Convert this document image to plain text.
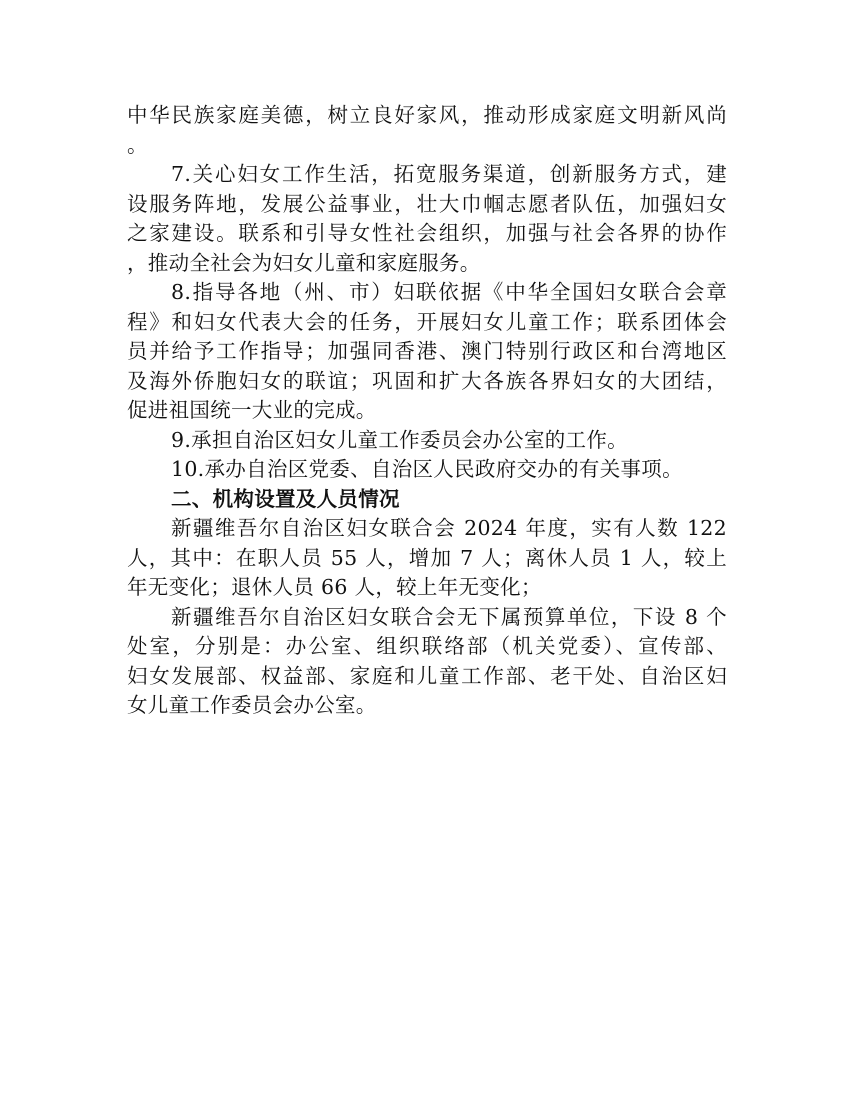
中华民族家庭美德，树立良好家风，推动形成家庭文明新风尚
。
7.关心妇女工作生活，拓宽服务渠道，创新服务方式，建
设服务阵地，发展公益事业，壮大巾帼志愿者队伍，加强妇女
之家建设。联系和引导女性社会组织，加强与社会各界的协作
，推动全社会为妇女儿童和家庭服务。
8.指导各地（州、市）妇联依据《中华全国妇女联合会章
程》和妇女代表大会的任务，开展妇女儿童工作；联系团体会
员并给予工作指导；加强同香港、澳门特别行政区和台湾地区
及海外侨胞妇女的联谊；巩固和扩大各族各界妇女的大团结，
促进祖国统一大业的完成。
9.承担自治区妇女儿童工作委员会办公室的工作。
10.承办自治区党委、自治区人民政府交办的有关事项。
二、机构设置及人员情况
新疆维吾尔自治区妇女联合会 2024 年度，实有人数 122
人，其中：在职人员 55 人，增加 7 人；离休人员 1 人，较上
年无变化；退休人员 66 人，较上年无变化；
新疆维吾尔自治区妇女联合会无下属预算单位，下设 8 个
处室，分别是：办公室、组织联络部（机关党委）、宣传部、
妇女发展部、权益部、家庭和儿童工作部、老干处、自治区妇
女儿童工作委员会办公室。
